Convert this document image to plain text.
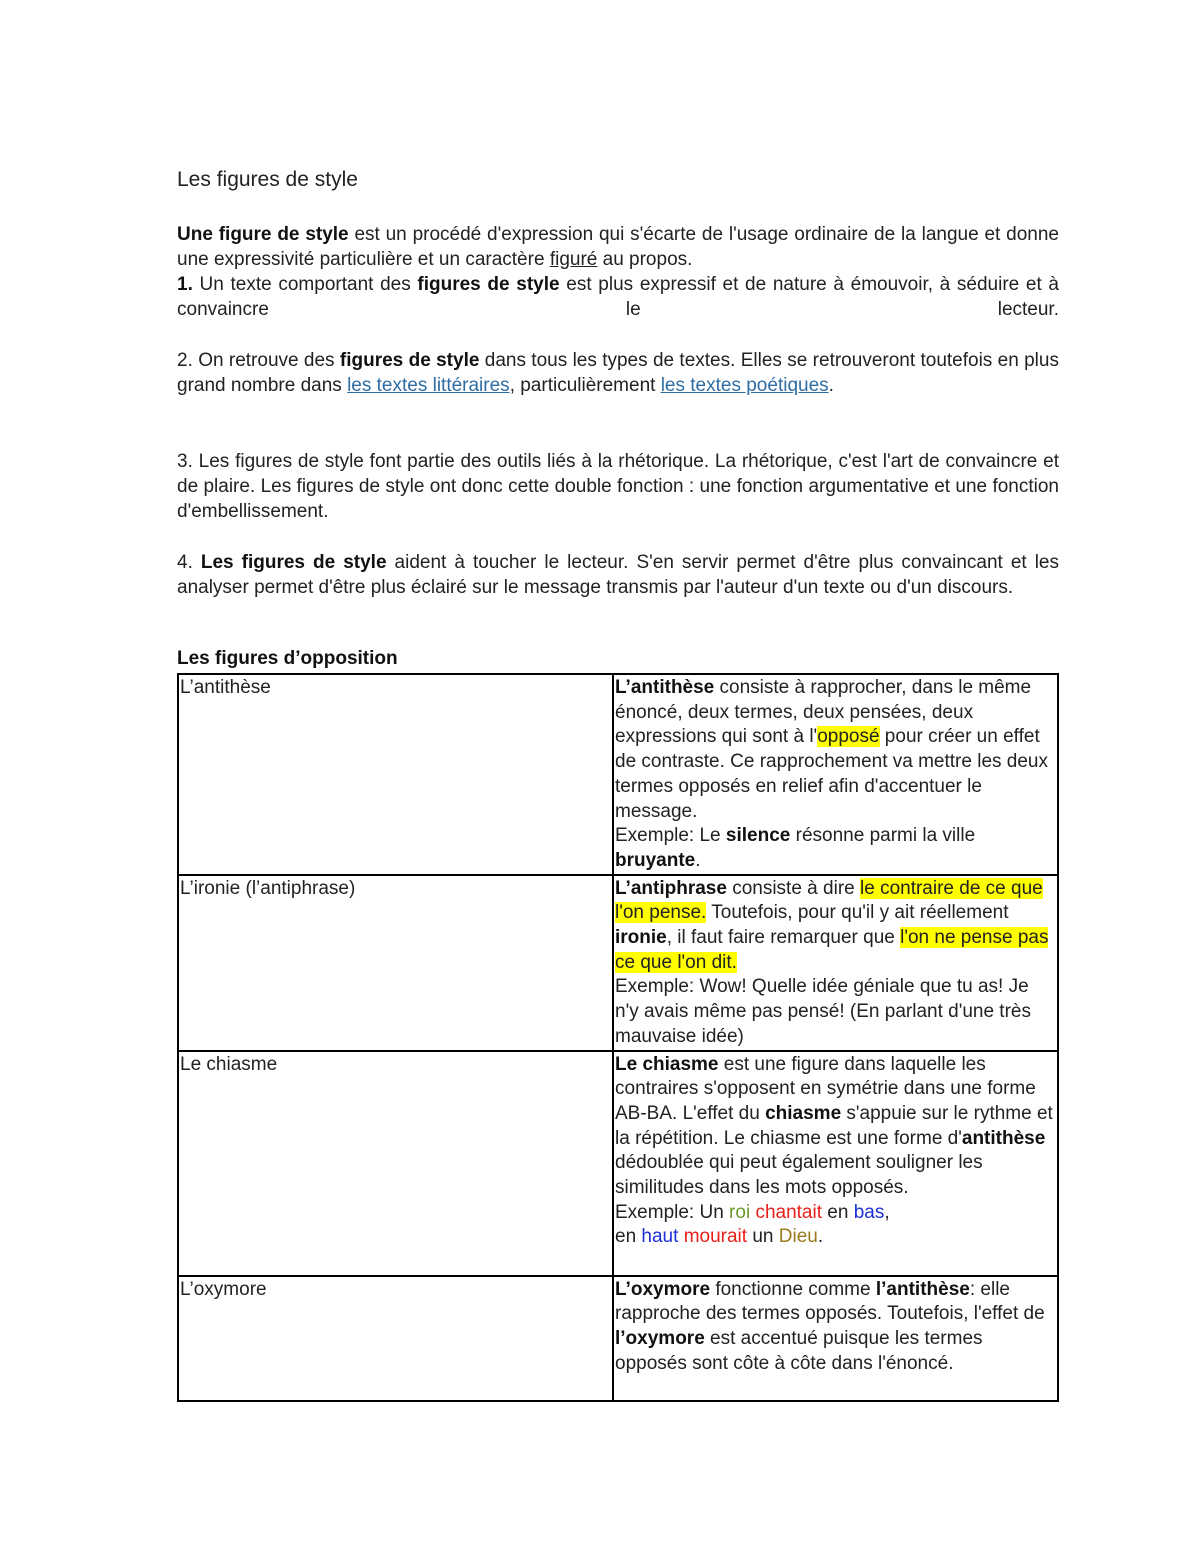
Les figures de style
Une figure de style est un procédé d'expression qui s'écarte de l'usage ordinaire de la langue et donne une expressivité particulière et un caractère figuré au propos.
1. Un texte comportant des figures de style est plus expressif et de nature à émouvoir, à séduire et à convaincre le lecteur.
2. On retrouve des figures de style dans tous les types de textes. Elles se retrouveront toutefois en plus grand nombre dans les textes littéraires, particulièrement les textes poétiques.
3. Les figures de style font partie des outils liés à la rhétorique. La rhétorique, c'est l'art de convaincre et de plaire. Les figures de style ont donc cette double fonction : une fonction argumentative et une fonction d'embellissement.
4. Les figures de style aident à toucher le lecteur. S'en servir permet d'être plus convaincant et les analyser permet d'être plus éclairé sur le message transmis par l'auteur d'un texte ou d'un discours.
Les figures d’opposition
L’antithèse	L’antithèse consiste à rapprocher, dans le même énoncé, deux termes, deux pensées, deux expressions qui sont à l'opposé pour créer un effet de contraste. Ce rapprochement va mettre les deux termes opposés en relief afin d'accentuer le message.
Exemple: Le silence résonne parmi la ville bruyante.
L’ironie (l’antiphrase)	L’antiphrase consiste à dire le contraire de ce que l'on pense. Toutefois, pour qu'il y ait réellement ironie, il faut faire remarquer que l'on ne pense pas ce que l'on dit.
Exemple: Wow! Quelle idée géniale que tu as! Je n'y avais même pas pensé! (En parlant d'une très mauvaise idée)
Le chiasme	Le chiasme est une figure dans laquelle les contraires s'opposent en symétrie dans une forme AB-BA. L'effet du chiasme s'appuie sur le rythme et la répétition. Le chiasme est une forme d'antithèse dédoublée qui peut également souligner les similitudes dans les mots opposés.
Exemple: Un roi chantait en bas,
en haut mourait un Dieu.
L’oxymore	L’oxymore fonctionne comme l’antithèse: elle rapproche des termes opposés. Toutefois, l'effet de l’oxymore est accentué puisque les termes opposés sont côte à côte dans l'énoncé.
